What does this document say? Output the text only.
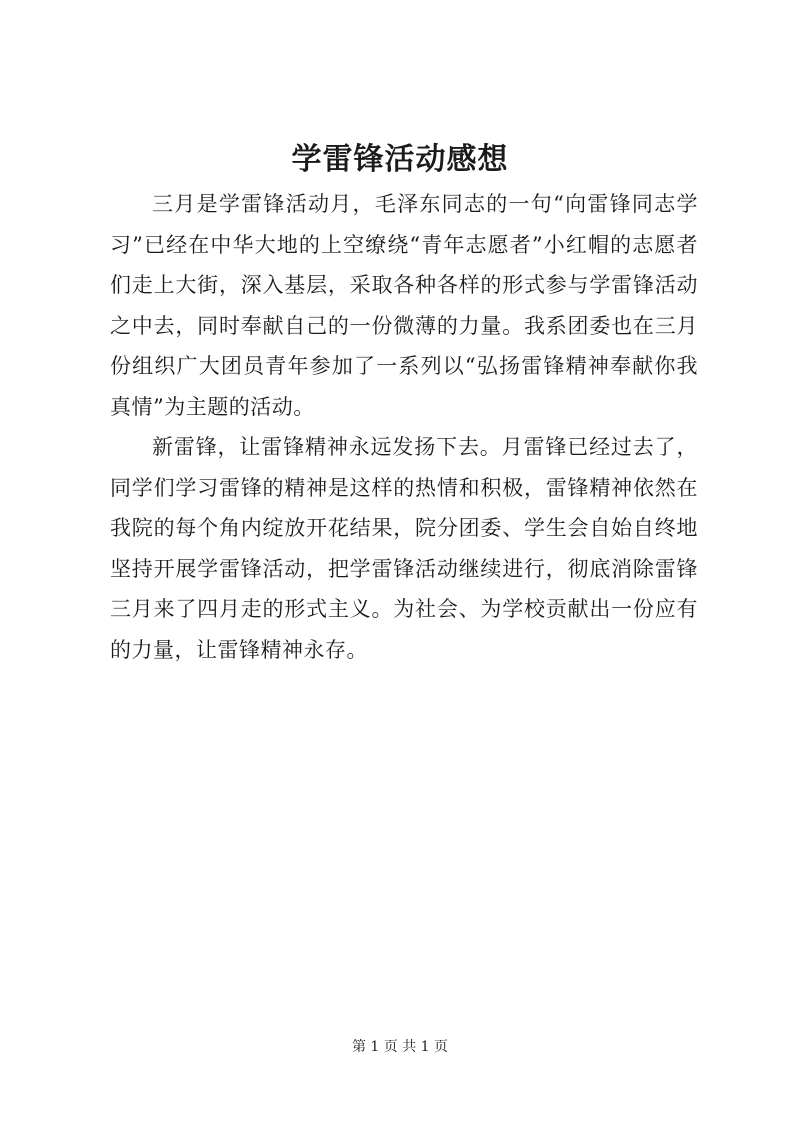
学雷锋活动感想

三月是学雷锋活动月，毛泽东同志的一句“向雷锋同志学习”已经在中华大地的上空缭绕“青年志愿者”小红帽的志愿者们走上大街，深入基层，采取各种各样的形式参与学雷锋活动之中去，同时奉献自己的一份微薄的力量。我系团委也在三月份组织广大团员青年参加了一系列以“弘扬雷锋精神奉献你我真情”为主题的活动。

新雷锋，让雷锋精神永远发扬下去。月雷锋已经过去了，同学们学习雷锋的精神是这样的热情和积极，雷锋精神依然在我院的每个角内绽放开花结果，院分团委、学生会自始自终地坚持开展学雷锋活动，把学雷锋活动继续进行，彻底消除雷锋三月来了四月走的形式主义。为社会、为学校贡献出一份应有的力量，让雷锋精神永存。

第 1 页 共 1 页
